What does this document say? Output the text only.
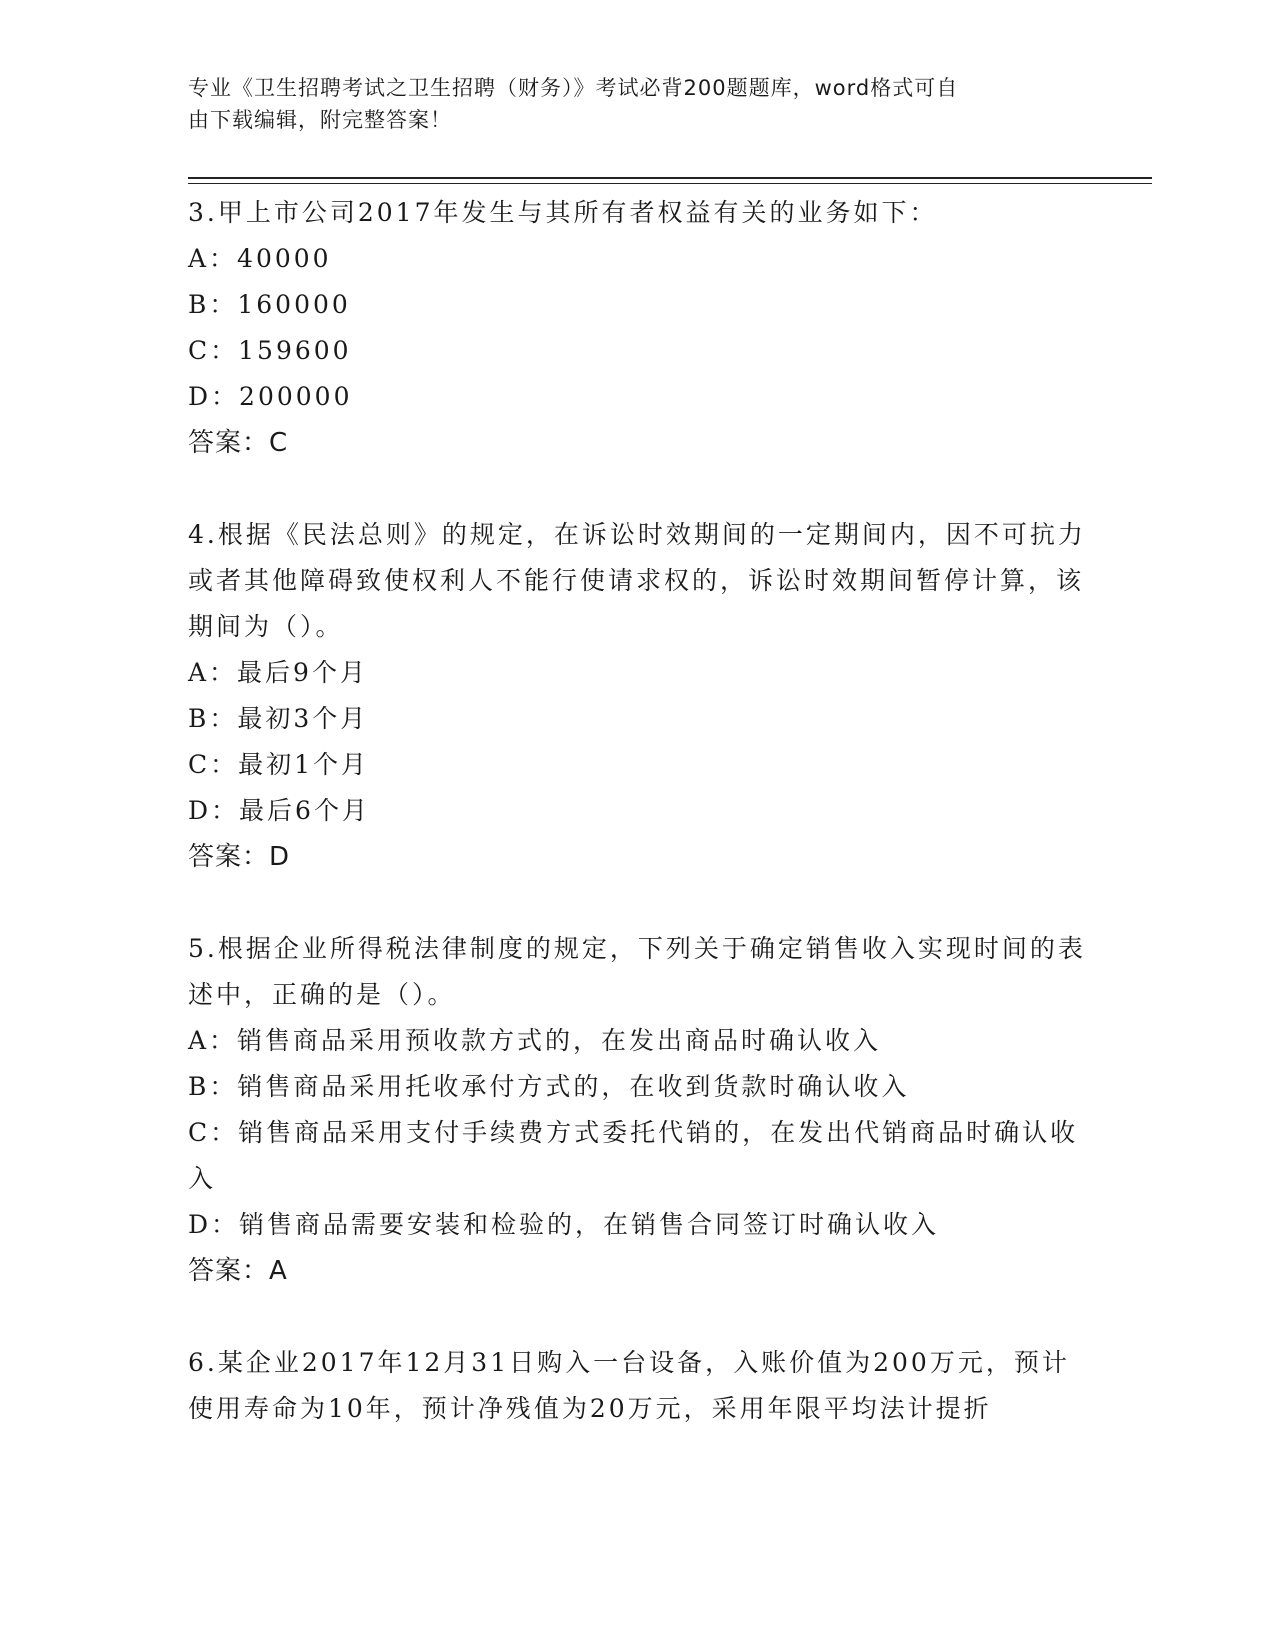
专业《卫生招聘考试之卫生招聘（财务）》考试必背200题题库，word格式可自
由下载编辑，附完整答案！

3.甲上市公司2017年发生与其所有者权益有关的业务如下：

A：40000

B：160000

C：159600

D：200000

答案：C

4.根据《民法总则》的规定，在诉讼时效期间的一定期间内，因不可抗力或者其他障碍致使权利人不能行使请求权的，诉讼时效期间暂停计算，该期间为（）。

A：最后9个月

B：最初3个月

C：最初1个月

D：最后6个月

答案：D

5.根据企业所得税法律制度的规定，下列关于确定销售收入实现时间的表述中，正确的是（）。

A：销售商品采用预收款方式的，在发出商品时确认收入

B：销售商品采用托收承付方式的，在收到货款时确认收入

C：销售商品采用支付手续费方式委托代销的，在发出代销商品时确认收入

D：销售商品需要安装和检验的，在销售合同签订时确认收入

答案：A

6.某企业2017年12月31日购入一台设备，入账价值为200万元，预计使用寿命为10年，预计净残值为20万元，采用年限平均法计提折
